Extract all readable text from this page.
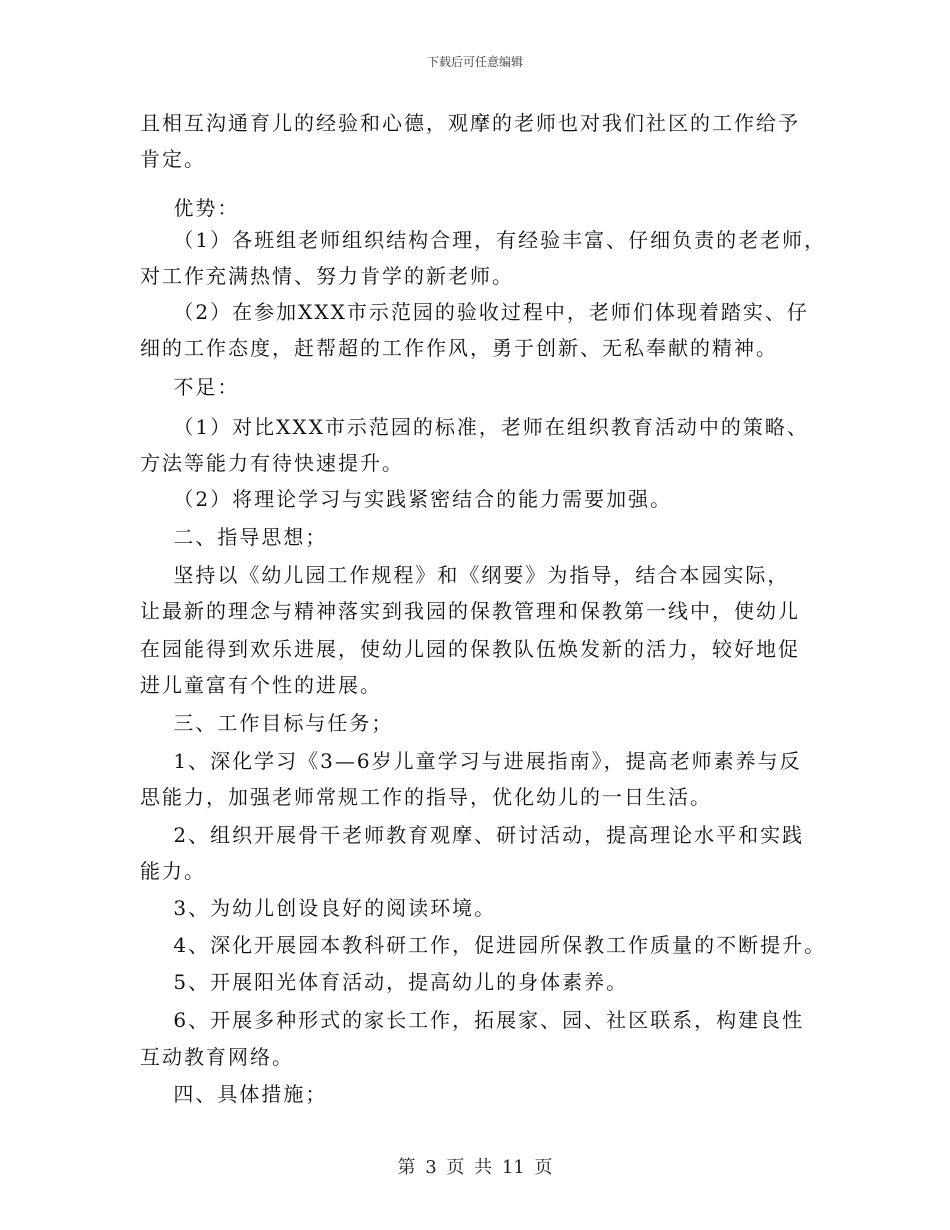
下载后可任意编辑
且相互沟通育儿的经验和心德，观摩的老师也对我们社区的工作给予
肯定。
优势：
（1）各班组老师组织结构合理，有经验丰富、仔细负责的老老师，
对工作充满热情、努力肯学的新老师。
（2）在参加XXX市示范园的验收过程中，老师们体现着踏实、仔
细的工作态度，赶帮超的工作作风，勇于创新、无私奉献的精神。
不足：
（1）对比XXX市示范园的标准，老师在组织教育活动中的策略、
方法等能力有待快速提升。
（2）将理论学习与实践紧密结合的能力需要加强。
二、指导思想；
坚持以《幼儿园工作规程》和《纲要》为指导，结合本园实际，
让最新的理念与精神落实到我园的保教管理和保教第一线中，使幼儿
在园能得到欢乐进展，使幼儿园的保教队伍焕发新的活力，较好地促
进儿童富有个性的进展。
三、工作目标与任务；
1、深化学习《3—6岁儿童学习与进展指南》，提高老师素养与反
思能力，加强老师常规工作的指导，优化幼儿的一日生活。
2、组织开展骨干老师教育观摩、研讨活动，提高理论水平和实践
能力。
3、为幼儿创设良好的阅读环境。
4、深化开展园本教科研工作，促进园所保教工作质量的不断提升。
5、开展阳光体育活动，提高幼儿的身体素养。
6、开展多种形式的家长工作，拓展家、园、社区联系，构建良性
互动教育网络。
四、具体措施；
第 3 页 共 11 页
